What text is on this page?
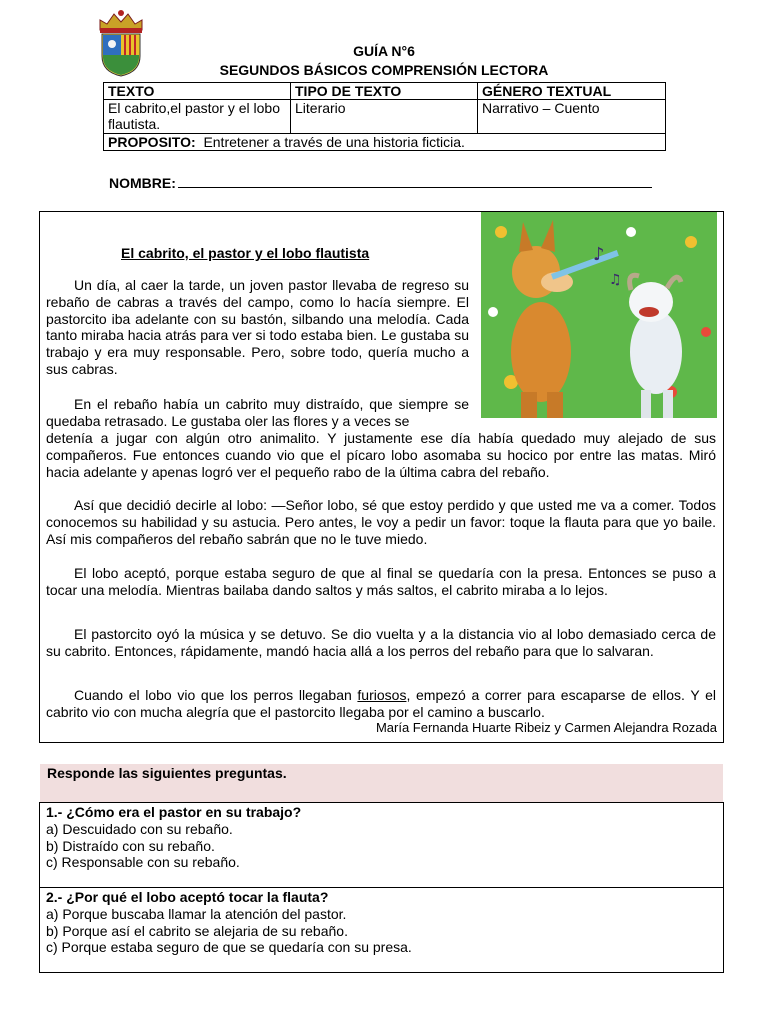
GUÍA N°6
SEGUNDOS BÁSICOS COMPRENSIÓN LECTORA
TEXTO	TIPO DE TEXTO	GÉNERO TEXTUAL
El cabrito,el pastor y el lobo flautista.	Literario	Narrativo – Cuento
PROPOSITO: Entretener a través de una historia ficticia.		
NOMBRE:
♪
♫
El cabrito, el pastor y el lobo flautista
Un día, al caer la tarde, un joven pastor llevaba de regreso su rebaño de cabras a través del campo, como lo hacía siempre. El pastorcito iba adelante con su bastón, silbando una melodía. Cada tanto miraba hacia atrás para ver si todo estaba bien. Le gustaba su trabajo y era muy responsable. Pero, sobre todo, quería mucho a sus cabras.
En el rebaño había un cabrito muy distraído, que siempre se quedaba retrasado. Le gustaba oler las flores y a veces se
detenía a jugar con algún otro animalito. Y justamente ese día había quedado muy alejado de sus compañeros. Fue entonces cuando vio que el pícaro lobo asomaba su hocico por entre las matas. Miró hacia adelante y apenas logró ver el pequeño rabo de la última cabra del rebaño.
Así que decidió decirle al lobo: —Señor lobo, sé que estoy perdido y que usted me va a comer. Todos conocemos su habilidad y su astucia. Pero antes, le voy a pedir un favor: toque la flauta para que yo baile. Así mis compañeros del rebaño sabrán que no le tuve miedo.
El lobo aceptó, porque estaba seguro de que al final se quedaría con la presa. Entonces se puso a tocar una melodía. Mientras bailaba dando saltos y más saltos, el cabrito miraba a lo lejos.
El pastorcito oyó la música y se detuvo. Se dio vuelta y a la distancia vio al lobo demasiado cerca de su cabrito. Entonces, rápidamente, mandó hacia allá a los perros del rebaño para que lo salvaran.
Cuando el lobo vio que los perros llegaban furiosos, empezó a correr para escaparse de ellos. Y el cabrito vio con mucha alegría que el pastorcito llegaba por el camino a buscarlo.
María Fernanda Huarte Ribeiz y Carmen Alejandra Rozada
Responde las siguientes preguntas.
1.- ¿Cómo era el pastor en su trabajo?
a) Descuidado con su rebaño.
b) Distraído con su rebaño.
c) Responsable con su rebaño.
2.- ¿Por qué el lobo aceptó tocar la flauta?
a) Porque buscaba llamar la atención del pastor.
b) Porque así el cabrito se alejaria de su rebaño.
c) Porque estaba seguro de que se quedaría con su presa.
